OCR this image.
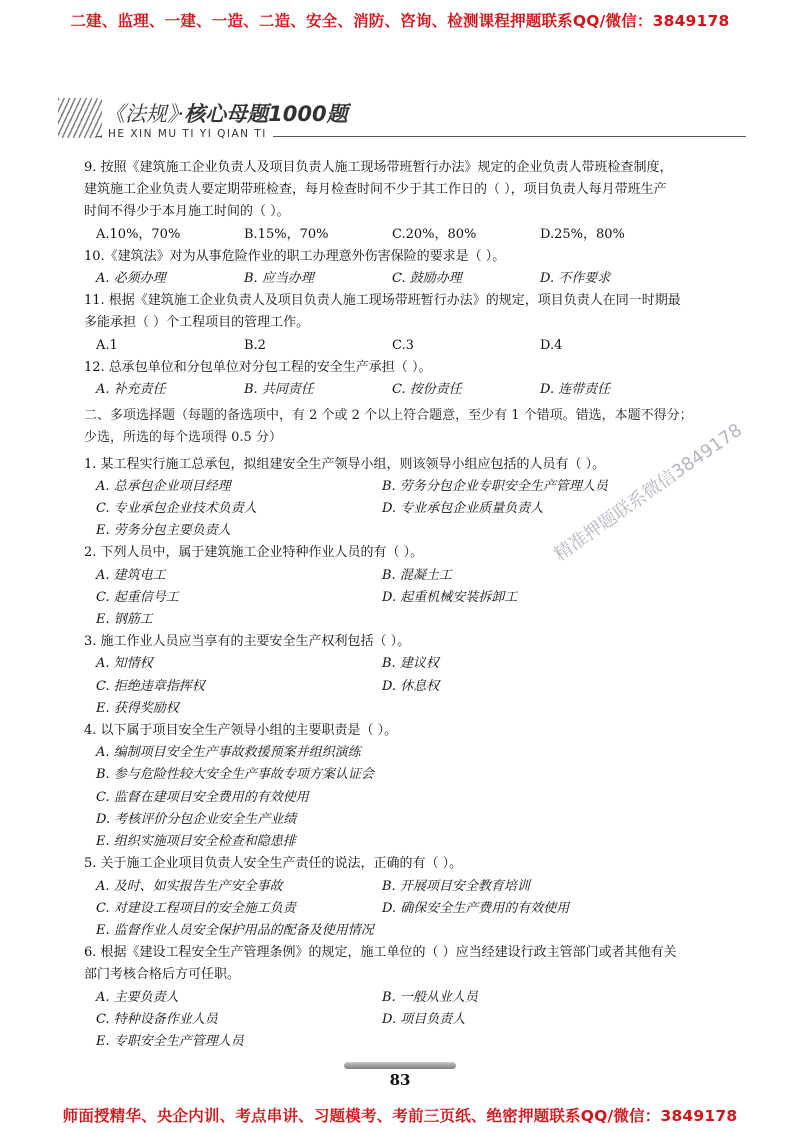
二建、监理、一建、一造、二造、安全、消防、咨询、检测课程押题联系QQ/微信：3849178
《法规》·核心母题1000题
HE XIN MU TI YI QIAN TI

9. 按照《建筑施工企业负责人及项目负责人施工现场带班暂行办法》规定的企业负责人带班检查制度，

建筑施工企业负责人要定期带班检查，每月检查时间不少于其工作日的（ ），项目负责人每月带班生产

时间不得少于本月施工时间的（ ）。

A.10%，70%	B.15%，70%	C.20%，80%	D.25%，80%

10.《建筑法》对为从事危险作业的职工办理意外伤害保险的要求是（ ）。

A. 必须办理	B. 应当办理	C. 鼓励办理	D. 不作要求

11. 根据《建筑施工企业负责人及项目负责人施工现场带班暂行办法》的规定，项目负责人在同一时期最

多能承担（ ）个工程项目的管理工作。

A.1	B.2	C.3	D.4

12. 总承包单位和分包单位对分包工程的安全生产承担（ ）。

A. 补充责任	B. 共同责任	C. 按份责任	D. 连带责任

二、多项选择题（每题的备选项中，有 2 个或 2 个以上符合题意，至少有 1 个错项。错选，本题不得分；

少选，所选的每个选项得 0.5 分）

1. 某工程实行施工总承包，拟组建安全生产领导小组，则该领导小组应包括的人员有（ ）。

A. 总承包企业项目经理	B. 劳务分包企业专职安全生产管理人员
C. 专业承包企业技术负责人	D. 专业承包企业质量负责人
E. 劳务分包主要负责人

2. 下列人员中，属于建筑施工企业特种作业人员的有（ ）。

A. 建筑电工	B. 混凝土工
C. 起重信号工	D. 起重机械安装拆卸工
E. 钢筋工

3. 施工作业人员应当享有的主要安全生产权利包括（ ）。

A. 知情权	B. 建议权
C. 拒绝违章指挥权	D. 休息权
E. 获得奖励权

4. 以下属于项目安全生产领导小组的主要职责是（ ）。

A. 编制项目安全生产事故救援预案并组织演练

B. 参与危险性较大安全生产事故专项方案认证会

C. 监督在建项目安全费用的有效使用

D. 考核评价分包企业安全生产业绩

E. 组织实施项目安全检查和隐患排

5. 关于施工企业项目负责人安全生产责任的说法，正确的有（ ）。

A. 及时、如实报告生产安全事故	B. 开展项目安全教育培训
C. 对建设工程项目的安全施工负责	D. 确保安全生产费用的有效使用
E. 监督作业人员安全保护用品的配备及使用情况

6. 根据《建设工程安全生产管理条例》的规定，施工单位的（ ）应当经建设行政主管部门或者其他有关

部门考核合格后方可任职。

A. 主要负责人	B. 一般从业人员
C. 特种设备作业人员	D. 项目负责人
E. 专职安全生产管理人员
精准押题联系微信3849178
83
师面授精华、央企内训、考点串讲、习题模考、考前三页纸、绝密押题联系QQ/微信：3849178
